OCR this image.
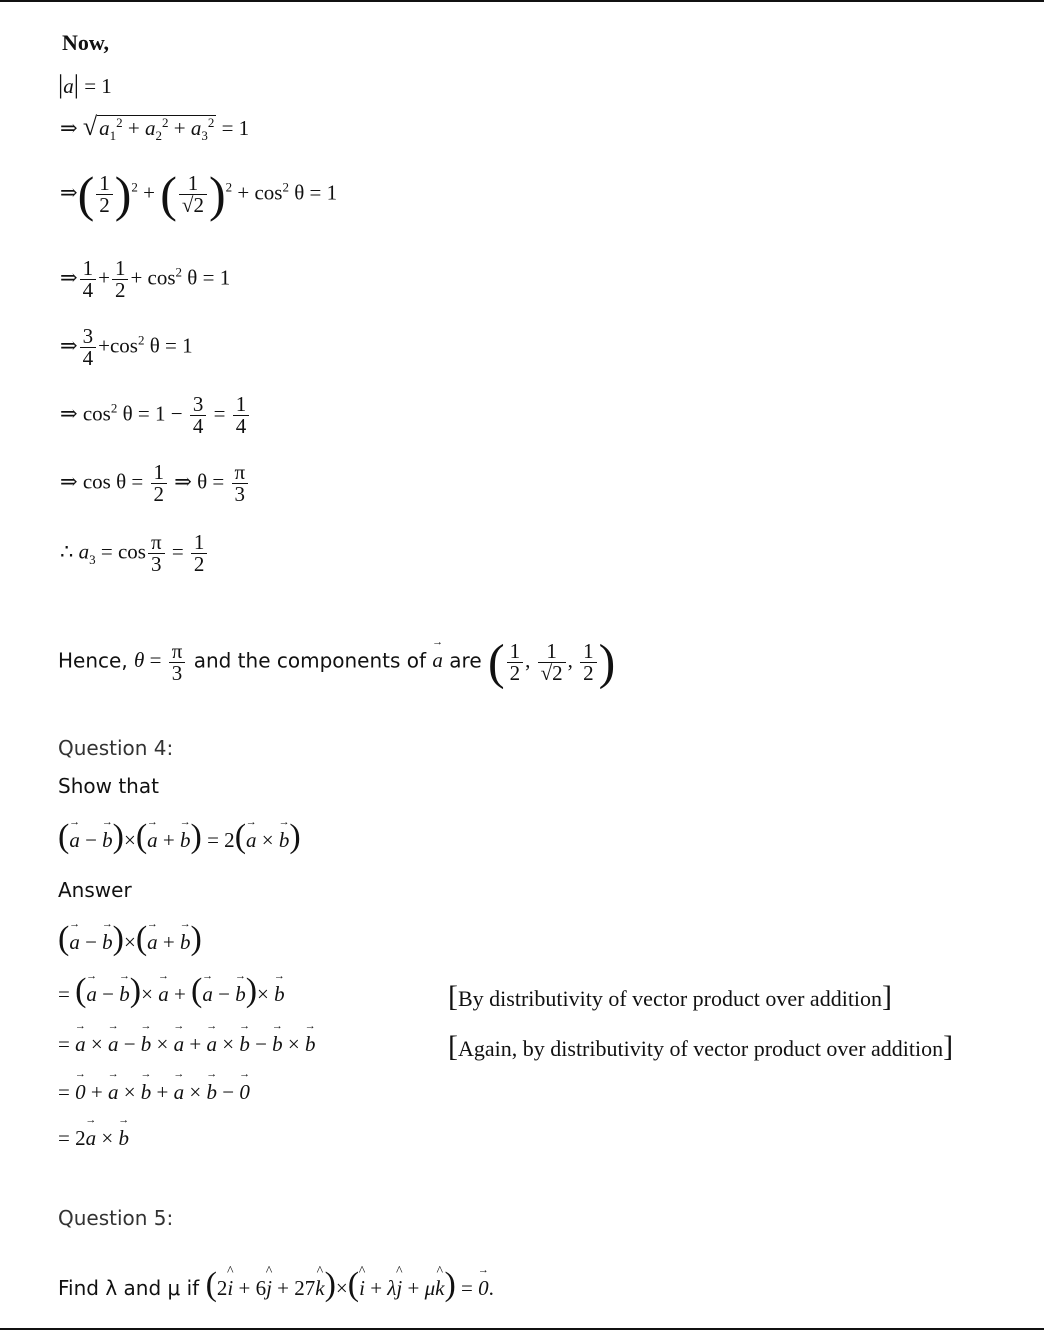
Now,
|a| = 1
⇒ $√a_1^2 + a_2^2 + a_3^2 = 1$
⇒( $\frac{1}{2} )^2$ + ( $\frac{1}{√2} )^2 + \cos^2 \theta = 1$
⇒ $\frac{1}{4} + \frac{1}{2} + \cos^2 \theta = 1$
⇒ $\frac{3}{4} +\cos^2$ θ = 1
⇒ $\cos^2 \theta = 1 - \frac{3}{4} = \frac{1}{4}$
⇒ $\cos \theta = \frac{1}{2}$ ⇒ $\theta = \frac{\pi}{3}$
∴ $a_3 = \cos \frac{\pi}{3} = \frac{1}{2}$
Hence, $\theta = \frac{\pi}{3}$ and the components of a → are ( $\frac{1}{2}$ , $\frac{1}{√2}$ , $\frac{1}{2}$ )
Question 4:
Show that
(a → − b →)×(a → + b →) = 2(a → × b →)
Answer
(a → − b →)×(a → + b →)
= (a → − b →)× a → + (a → − b →)× b →	[By distributivity of vector product over addition]
= a → × a → − b → × a → + a → × b → − b → × b →	[Again, by distributivity of vector product over addition]
= 0 → + a → × b → + a → × b → − 0 →
= 2a → × b →
Question 5:
Find λ and μ if (2i ^ + 6j ^ + 27k ^)×(i ^ + λj ^ + μk ^) = 0 →.
